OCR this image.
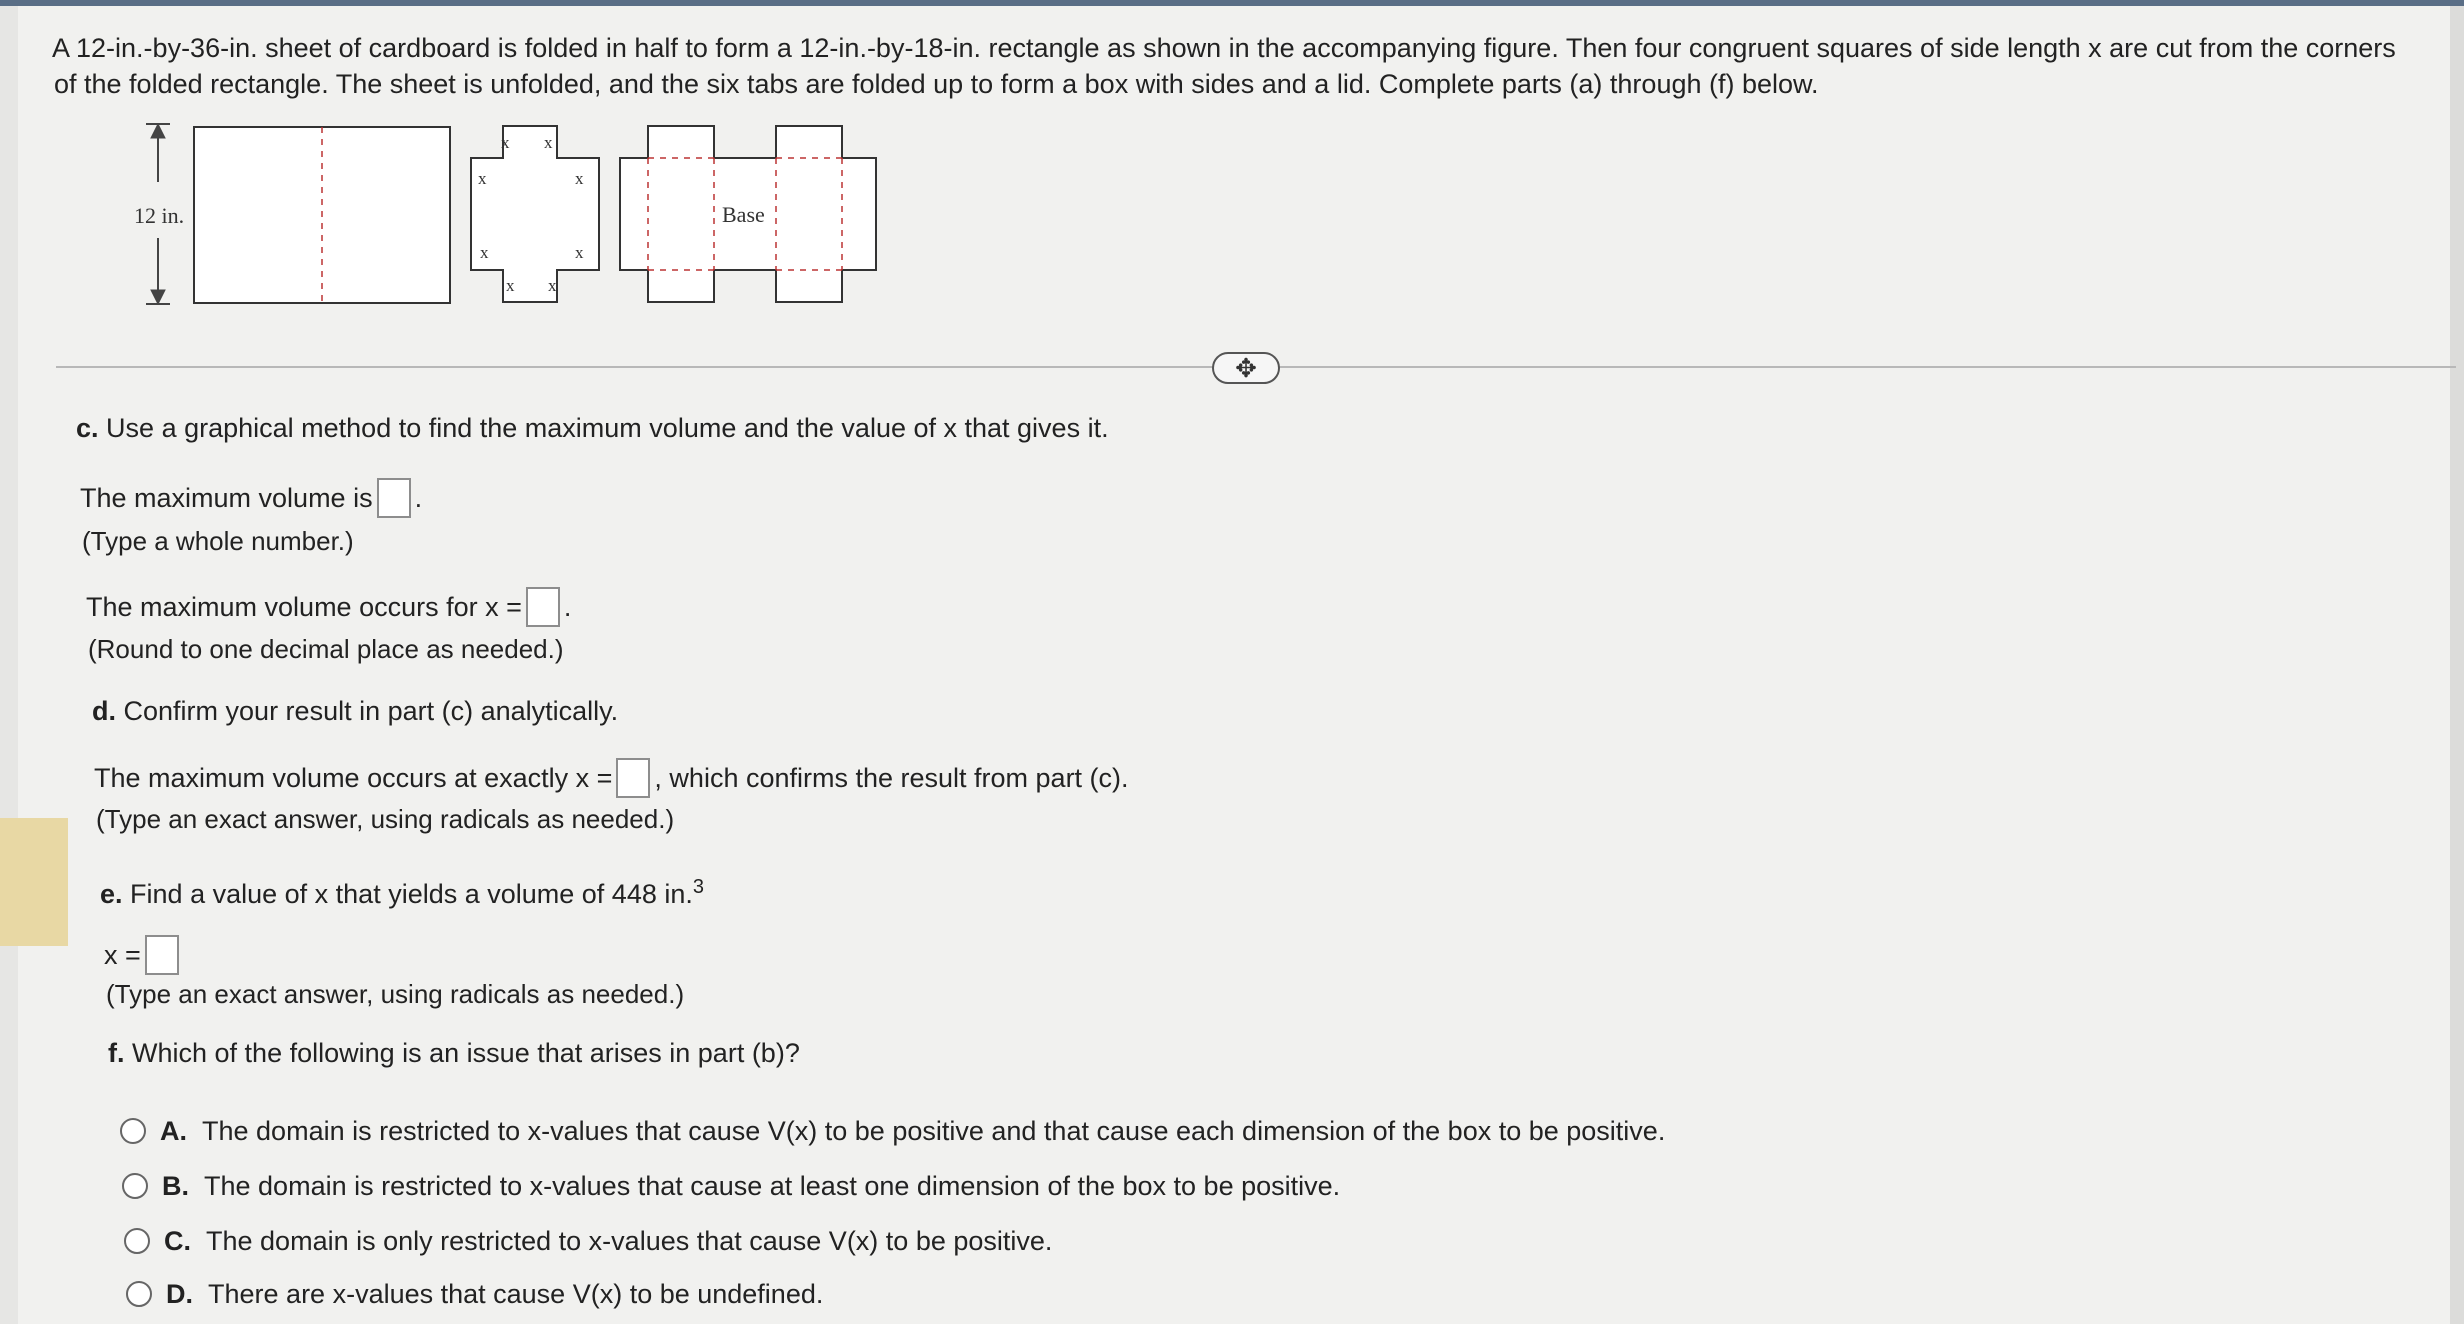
A 12-in.-by-36-in. sheet of cardboard is folded in half to form a 12-in.-by-18-in. rectangle as shown in the accompanying figure. Then four congruent squares of side length x are cut from the corners
of the folded rectangle. The sheet is unfolded, and the six tabs are folded up to form a box with sides and a lid. Complete parts (a) through (f) below.
12 in.
x x
x	x
x	x
x x
Base
✥
c. Use a graphical method to find the maximum volume and the value of x that gives it.
The maximum volume is .
(Type a whole number.)
The maximum volume occurs for x = .
(Round to one decimal place as needed.)
d. Confirm your result in part (c) analytically.
The maximum volume occurs at exactly x = , which confirms the result from part (c).
(Type an exact answer, using radicals as needed.)
e. Find a value of x that yields a volume of 448 in.$^3$
x =
(Type an exact answer, using radicals as needed.)
f. Which of the following is an issue that arises in part (b)?
A. The domain is restricted to x-values that cause V(x) to be positive and that cause each dimension of the box to be positive.
B. The domain is restricted to x-values that cause at least one dimension of the box to be positive.
C. The domain is only restricted to x-values that cause V(x) to be positive.
D. There are x-values that cause V(x) to be undefined.
